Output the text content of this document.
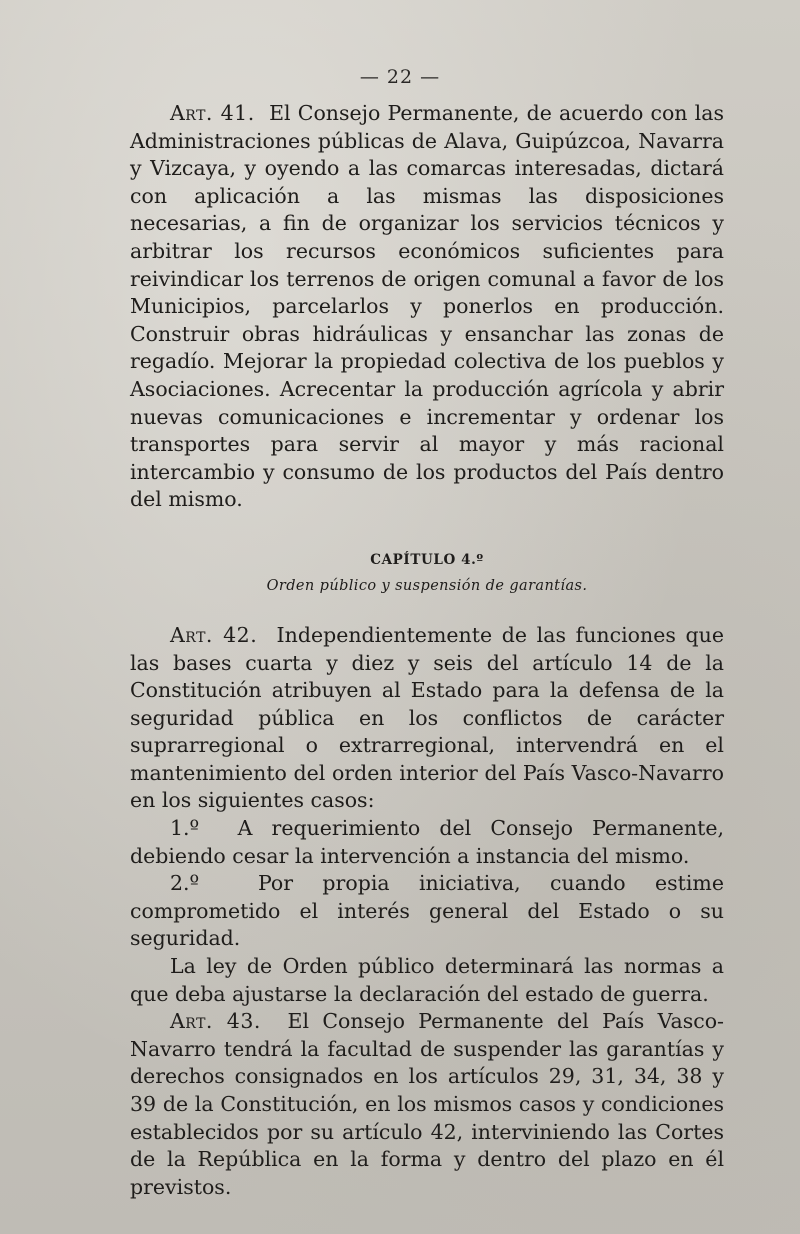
— 22 —

Art. 41. El Consejo Permanente, de acuerdo con las Administraciones públicas de Alava, Guipúzcoa, Navarra y Vizcaya, y oyendo a las comarcas interesadas, dictará con aplicación a las mismas las disposiciones necesarias, a fin de organizar los servicios técnicos y arbitrar los recursos económicos suficientes para reivindicar los terrenos de origen comunal a favor de los Municipios, parcelarlos y ponerlos en producción. Construir obras hidráulicas y ensanchar las zonas de regadío. Mejorar la propiedad colectiva de los pueblos y Asociaciones. Acrecentar la producción agrícola y abrir nuevas comunicaciones e incrementar y ordenar los transportes para servir al mayor y más racional intercambio y consumo de los productos del País dentro del mismo.

CAPÍTULO 4.º

Orden público y suspensión de garantías.

Art. 42. Independientemente de las funciones que las bases cuarta y diez y seis del artículo 14 de la Constitución atribuyen al Estado para la defensa de la seguridad pública en los conflictos de carácter suprarregional o extrarregional, intervendrá en el mantenimiento del orden interior del País Vasco-Navarro en los siguientes casos:

1.º A requerimiento del Consejo Permanente, debiendo cesar la intervención a instancia del mismo.

2.º	Por propia iniciativa, cuando estime comprometido el interés general del Estado o su seguridad.

La ley de Orden público determinará las normas a que deba ajustarse la declaración del estado de guerra.

Art. 43. El Consejo Permanente del País Vasco-Navarro tendrá la facultad de suspender las garantías y derechos consignados en los artículos 29, 31, 34, 38 y 39 de la Constitución, en los mismos casos y condiciones establecidos por su artículo 42, interviniendo las Cortes de la República en la forma y dentro del plazo en él previstos.
